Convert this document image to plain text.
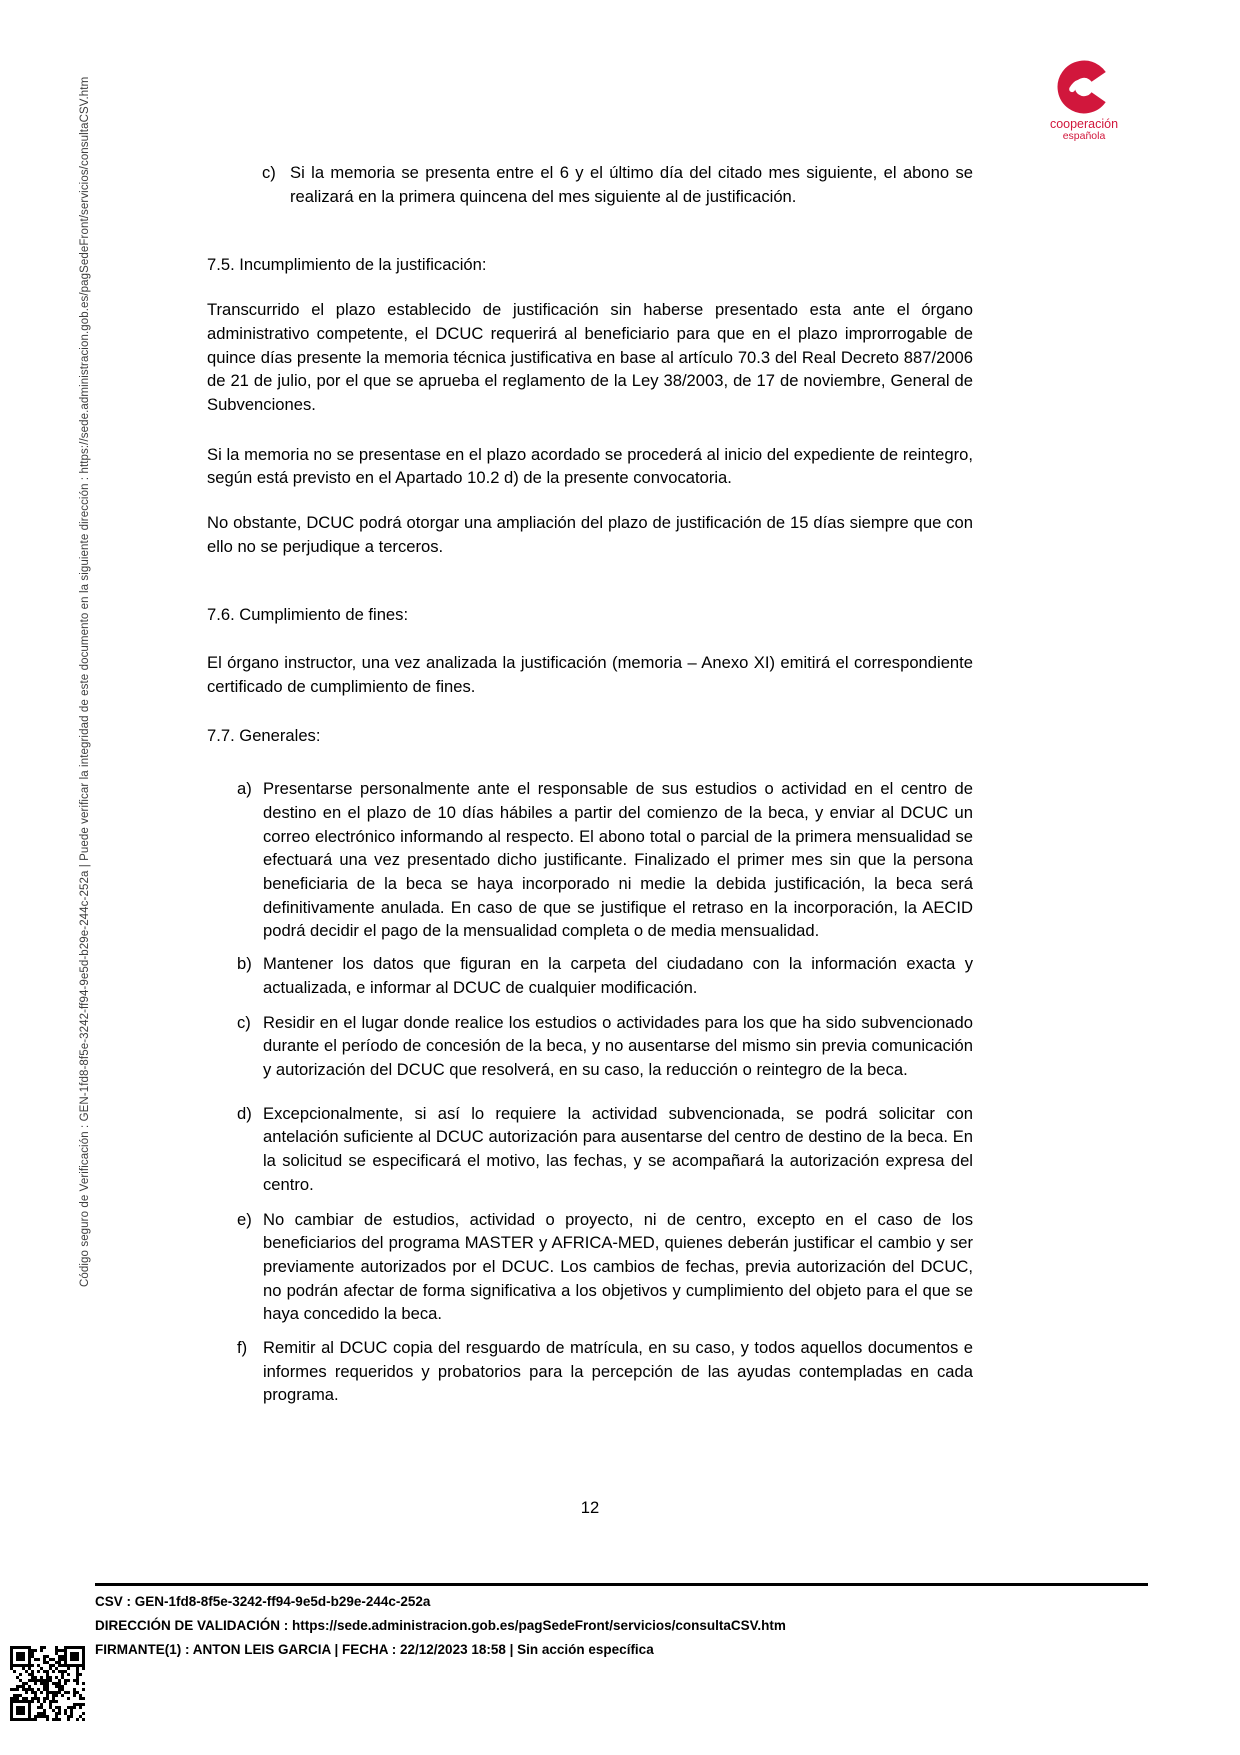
Código seguro de Verificación : GEN-1fd8-8f5e-3242-ff94-9e5d-b29e-244c-252a | Puede verificar la integridad de este documento en la siguiente dirección : https://sede.administracion.gob.es/pagSedeFront/servicios/consultaCSV.htm	cooperación
española
c) Si la memoria se presenta entre el 6 y el último día del citado mes siguiente, el abono se realizará en la primera quincena del mes siguiente al de justificación.
7.5. Incumplimiento de la justificación:
Transcurrido el plazo establecido de justificación sin haberse presentado esta ante el órgano administrativo competente, el DCUC requerirá al beneficiario para que en el plazo improrrogable de quince días presente la memoria técnica justificativa en base al artículo 70.3 del Real Decreto 887/2006 de 21 de julio, por el que se aprueba el reglamento de la Ley 38/2003, de 17 de noviembre, General de Subvenciones.
Si la memoria no se presentase en el plazo acordado se procederá al inicio del expediente de reintegro, según está previsto en el Apartado 10.2 d) de la presente convocatoria.
No obstante, DCUC podrá otorgar una ampliación del plazo de justificación de 15 días siempre que con ello no se perjudique a terceros.
7.6. Cumplimiento de fines:
El órgano instructor, una vez analizada la justificación (memoria – Anexo XI) emitirá el correspondiente certificado de cumplimiento de fines.
7.7. Generales:
a) Presentarse personalmente ante el responsable de sus estudios o actividad en el centro de destino en el plazo de 10 días hábiles a partir del comienzo de la beca, y enviar al DCUC un correo electrónico informando al respecto. El abono total o parcial de la primera mensualidad se efectuará una vez presentado dicho justificante. Finalizado el primer mes sin que la persona beneficiaria de la beca se haya incorporado ni medie la debida justificación, la beca será definitivamente anulada. En caso de que se justifique el retraso en la incorporación, la AECID podrá decidir el pago de la mensualidad completa o de media mensualidad.
b) Mantener los datos que figuran en la carpeta del ciudadano con la información exacta y actualizada, e informar al DCUC de cualquier modificación.
c) Residir en el lugar donde realice los estudios o actividades para los que ha sido subvencionado durante el período de concesión de la beca, y no ausentarse del mismo sin previa comunicación y autorización del DCUC que resolverá, en su caso, la reducción o reintegro de la beca.
d) Excepcionalmente, si así lo requiere la actividad subvencionada, se podrá solicitar con antelación suficiente al DCUC autorización para ausentarse del centro de destino de la beca. En la solicitud se especificará el motivo, las fechas, y se acompañará la autorización expresa del centro.
e) No cambiar de estudios, actividad o proyecto, ni de centro, excepto en el caso de los beneficiarios del programa MASTER y AFRICA-MED, quienes deberán justificar el cambio y ser previamente autorizados por el DCUC. Los cambios de fechas, previa autorización del DCUC, no podrán afectar de forma significativa a los objetivos y cumplimiento del objeto para el que se haya concedido la beca.
f) Remitir al DCUC copia del resguardo de matrícula, en su caso, y todos aquellos documentos e informes requeridos y probatorios para la percepción de las ayudas contempladas en cada programa.
12
CSV : GEN-1fd8-8f5e-3242-ff94-9e5d-b29e-244c-252a
DIRECCIÓN DE VALIDACIÓN : https://sede.administracion.gob.es/pagSedeFront/servicios/consultaCSV.htm
FIRMANTE(1) : ANTON LEIS GARCIA | FECHA : 22/12/2023 18:58 | Sin acción específica
